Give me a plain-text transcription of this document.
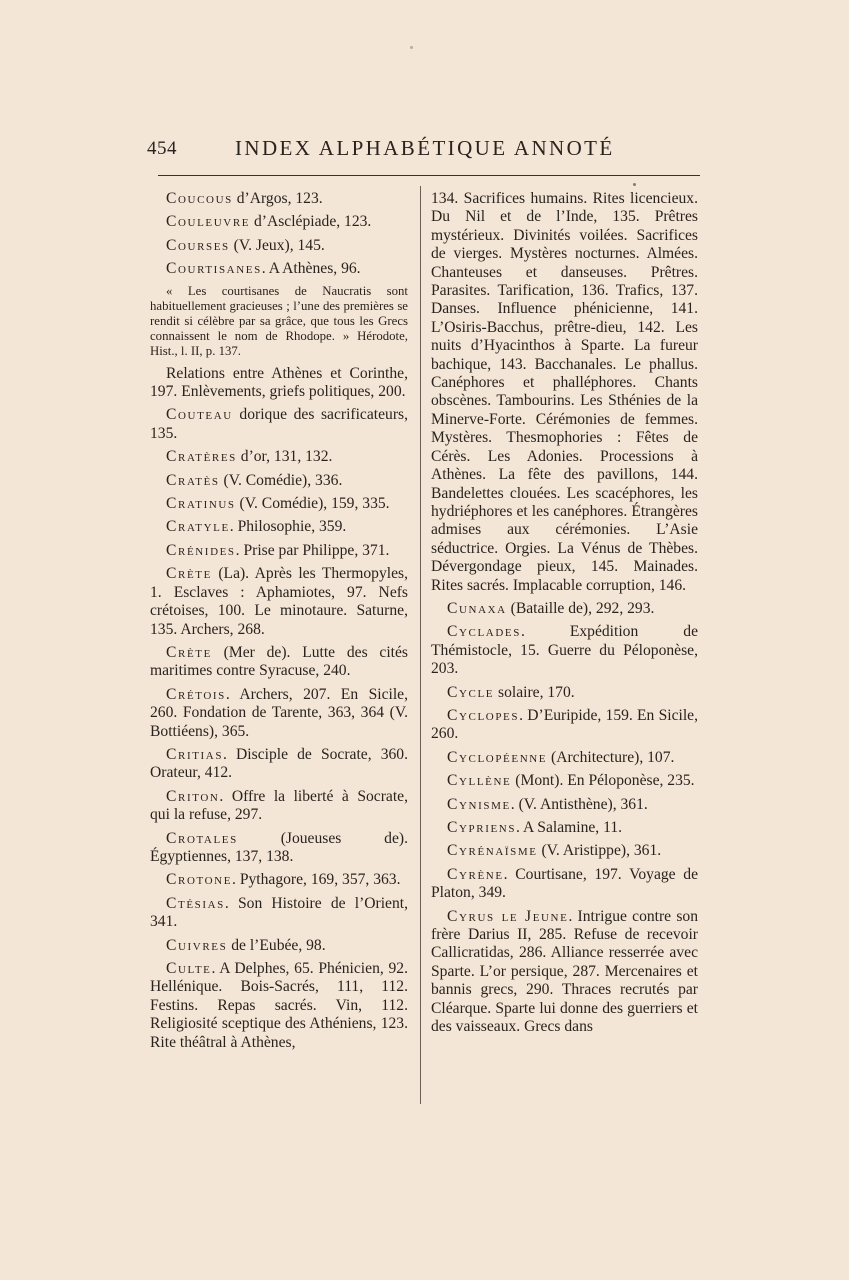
454	INDEX ALPHABÉTIQUE ANNOTÉ

Coucous d’Argos, 123.

Couleuvre d’Asclépiade, 123.

Courses (V. Jeux), 145.

Courtisanes. A Athènes, 96.

« Les courtisanes de Naucratis sont habituellement gracieuses ; l’une des premières se rendit si célèbre par sa grâce, que tous les Grecs connaissent le nom de Rhodope. » Hérodote, Hist., l. II, p. 137.

Relations entre Athènes et Corinthe, 197. Enlèvements, griefs politiques, 200.

Couteau dorique des sacrificateurs, 135.

Cratères d’or, 131, 132.

Cratès (V. Comédie), 336.

Cratinus (V. Comédie), 159, 335.

Cratyle. Philosophie, 359.

Crénides. Prise par Philippe, 371.

Crète (La). Après les Thermopyles, 1. Esclaves : Aphamiotes, 97. Nefs crétoises, 100. Le minotaure. Saturne, 135. Archers, 268.

Crète (Mer de). Lutte des cités maritimes contre Syracuse, 240.

Crétois. Archers, 207. En Sicile, 260. Fondation de Tarente, 363, 364 (V. Bottiéens), 365.

Critias. Disciple de Socrate, 360. Orateur, 412.

Criton. Offre la liberté à Socrate, qui la refuse, 297.

Crotales (Joueuses de). Égyptiennes, 137, 138.

Crotone. Pythagore, 169, 357, 363.

Ctésias. Son Histoire de l’Orient, 341.

Cuivres de l’Eubée, 98.

Culte. A Delphes, 65. Phénicien, 92. Hellénique. Bois-Sacrés, 111, 112. Festins. Repas sacrés. Vin, 112. Religiosité sceptique des Athéniens, 123. Rite théâtral à Athènes,

134. Sacrifices humains. Rites licencieux. Du Nil et de l’Inde, 135. Prêtres mystérieux. Divinités voilées. Sacrifices de vierges. Mystères nocturnes. Almées. Chanteuses et danseuses. Prêtres. Parasites. Tarification, 136. Trafics, 137. Danses. Influence phénicienne, 141. L’Osiris-Bacchus, prêtre-dieu, 142. Les nuits d’Hyacinthos à Sparte. La fureur bachique, 143. Bacchanales. Le phallus. Canéphores et phalléphores. Chants obscènes. Tambourins. Les Sthénies de la Minerve-Forte. Cérémonies de femmes. Mystères. Thesmophories : Fêtes de Cérès. Les Adonies. Processions à Athènes. La fête des pavillons, 144. Bandelettes clouées. Les scacéphores, les hydriéphores et les canéphores. Étrangères admises aux cérémonies. L’Asie séductrice. Orgies. La Vénus de Thèbes. Dévergondage pieux, 145. Mainades. Rites sacrés. Implacable corruption, 146.

Cunaxa (Bataille de), 292, 293.

Cyclades. Expédition de Thémistocle, 15. Guerre du Péloponèse, 203.

Cycle solaire, 170.

Cyclopes. D’Euripide, 159. En Sicile, 260.

Cyclopéenne (Architecture), 107.

Cyllène (Mont). En Péloponèse, 235.

Cynisme. (V. Antisthène), 361.

Cypriens. A Salamine, 11.

Cyrénaïsme (V. Aristippe), 361.

Cyrène. Courtisane, 197. Voyage de Platon, 349.

Cyrus le Jeune. Intrigue contre son frère Darius II, 285. Refuse de recevoir Callicratidas, 286. Alliance resserrée avec Sparte. L’or persique, 287. Mercenaires et bannis grecs, 290. Thraces recrutés par Cléarque. Sparte lui donne des guerriers et des vaisseaux. Grecs dans
